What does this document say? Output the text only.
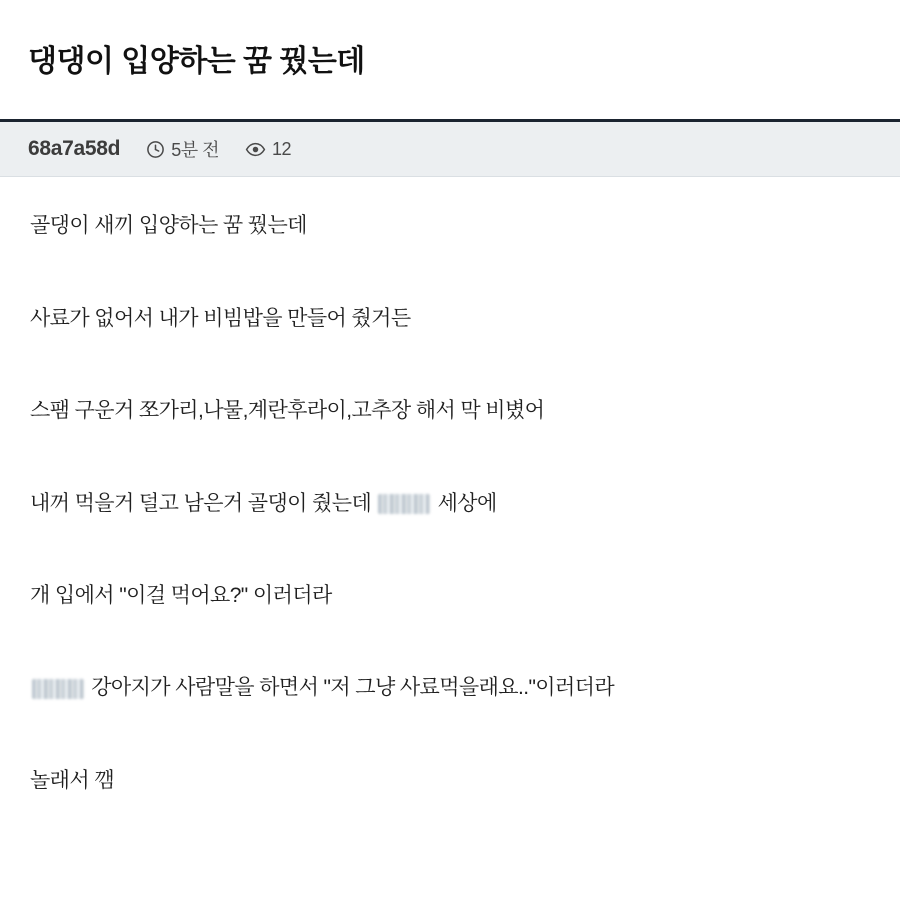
댕댕이 입양하는 꿈 꿨는데
68a7a58d	5분 전	12

골댕이 새끼 입양하는 꿈 꿨는데

사료가 없어서 내가 비빔밥을 만들어 줬거든

스팸 구운거 쪼가리,나물,계란후라이,고추장 해서 막 비볐어

내꺼 먹을거 덜고 남은거 골댕이 줬는데	세상에

개 입에서 "이걸 먹어요?" 이러더라

강아지가 사람말을 하면서 "저 그냥 사료먹을래요.."이러더라

놀래서 깸
